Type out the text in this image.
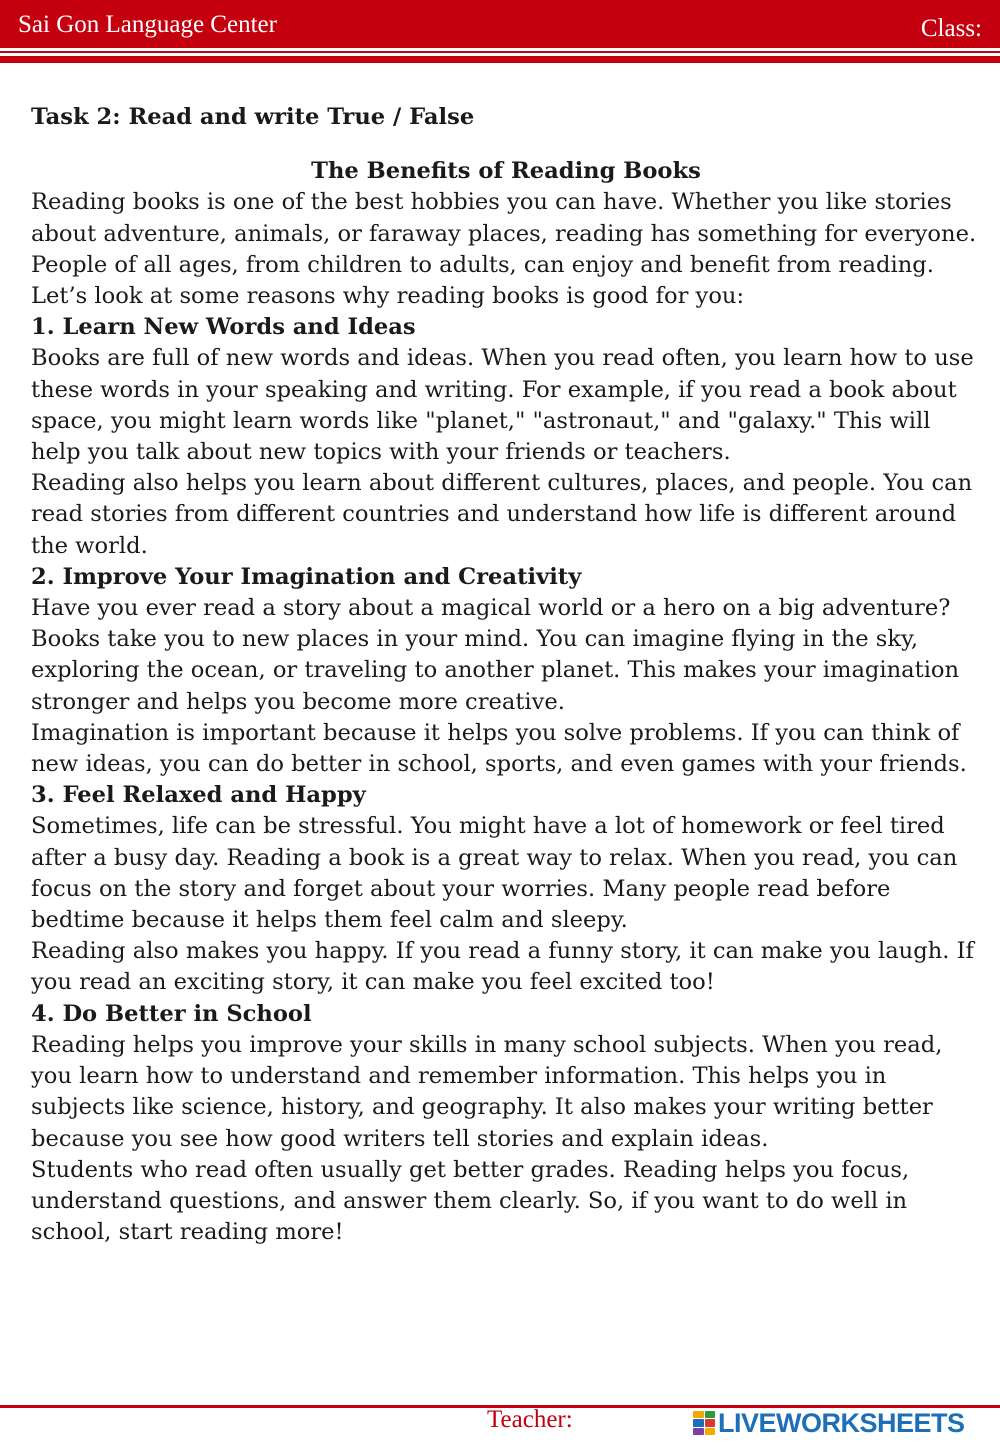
Sai Gon Language Center	Class:
Task 2: Read and write True / False
The Benefits of Reading Books

Reading books is one of the best hobbies you can have. Whether you like stories about adventure, animals, or faraway places, reading has something for everyone. People of all ages, from children to adults, can enjoy and benefit from reading.

Let’s look at some reasons why reading books is good for you:

1. Learn New Words and Ideas

Books are full of new words and ideas. When you read often, you learn how to use these words in your speaking and writing. For example, if you read a book about space, you might learn words like "planet," "astronaut," and "galaxy." This will help you talk about new topics with your friends or teachers.

Reading also helps you learn about different cultures, places, and people. You can read stories from different countries and understand how life is different around the world.

2. Improve Your Imagination and Creativity

Have you ever read a story about a magical world or a hero on a big adventure? Books take you to new places in your mind. You can imagine flying in the sky, exploring the ocean, or traveling to another planet. This makes your imagination stronger and helps you become more creative.

Imagination is important because it helps you solve problems. If you can think of new ideas, you can do better in school, sports, and even games with your friends.

3. Feel Relaxed and Happy

Sometimes, life can be stressful. You might have a lot of homework or feel tired after a busy day. Reading a book is a great way to relax. When you read, you can focus on the story and forget about your worries. Many people read before bedtime because it helps them feel calm and sleepy.

Reading also makes you happy. If you read a funny story, it can make you laugh. If you read an exciting story, it can make you feel excited too!

4. Do Better in School

Reading helps you improve your skills in many school subjects. When you read, you learn how to understand and remember information. This helps you in subjects like science, history, and geography. It also makes your writing better because you see how good writers tell stories and explain ideas.

Students who read often usually get better grades. Reading helps you focus, understand questions, and answer them clearly. So, if you want to do well in school, start reading more!

Teacher:	LIVEWORKSHEETS
